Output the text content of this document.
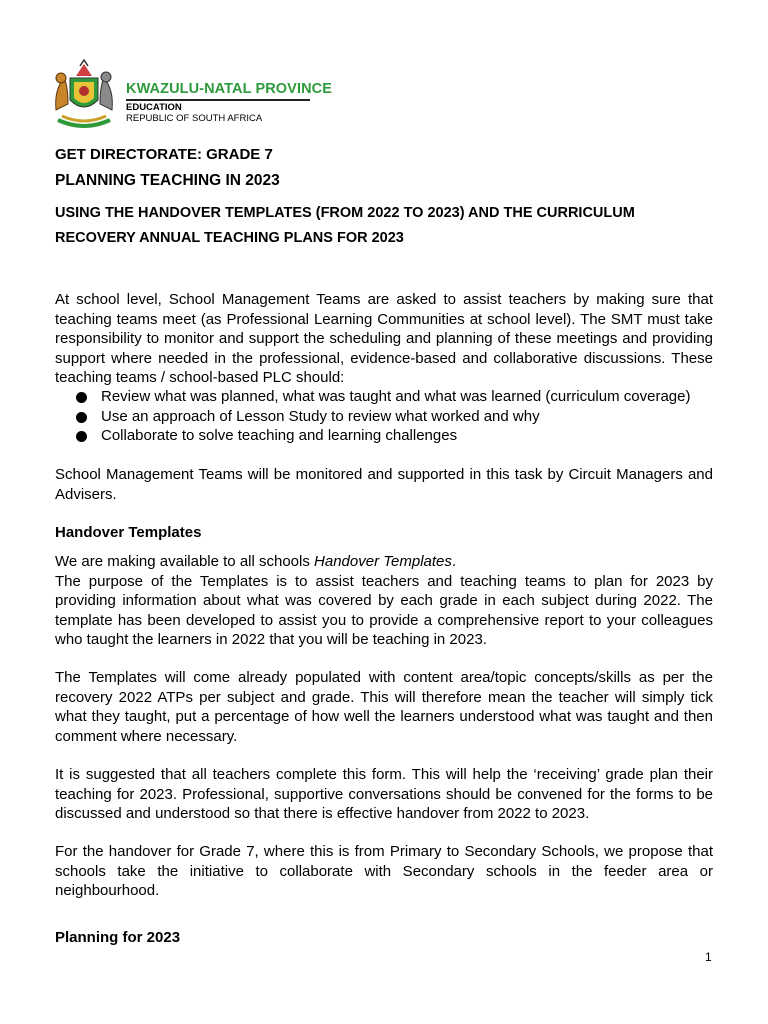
KWAZULU-NATAL PROVINCE
EDUCATION
REPUBLIC OF SOUTH AFRICA
GET DIRECTORATE: GRADE 7
PLANNING TEACHING IN 2023
USING THE HANDOVER TEMPLATES (FROM 2022 TO 2023) AND THE CURRICULUM RECOVERY ANNUAL TEACHING PLANS FOR 2023

At school level, School Management Teams are asked to assist teachers by making sure that teaching teams meet (as Professional Learning Communities at school level). The SMT must take responsibility to monitor and support the scheduling and planning of these meetings and providing support where needed in the professional, evidence-based and collaborative discussions. These teaching teams / school-based PLC should:

Review what was planned, what was taught and what was learned (curriculum coverage)
Use an approach of Lesson Study to review what worked and why
Collaborate to solve teaching and learning challenges

School Management Teams will be monitored and supported in this task by Circuit Managers and Advisers.

Handover Templates
We are making available to all schools Handover Templates.
The purpose of the Templates is to assist teachers and teaching teams to plan for 2023 by providing information about what was covered by each grade in each subject during 2022. The template has been developed to assist you to provide a comprehensive report to your colleagues who taught the learners in 2022 that you will be teaching in 2023.

The Templates will come already populated with content area/topic concepts/skills as per the recovery 2022 ATPs per subject and grade. This will therefore mean the teacher will simply tick what they taught, put a percentage of how well the learners understood what was taught and then comment where necessary.

It is suggested that all teachers complete this form. This will help the ‘receiving’ grade plan their teaching for 2023. Professional, supportive conversations should be convened for the forms to be discussed and understood so that there is effective handover from 2022 to 2023.

For the handover for Grade 7, where this is from Primary to Secondary Schools, we propose that schools take the initiative to collaborate with Secondary schools in the feeder area or neighbourhood.

Planning for 2023
1
